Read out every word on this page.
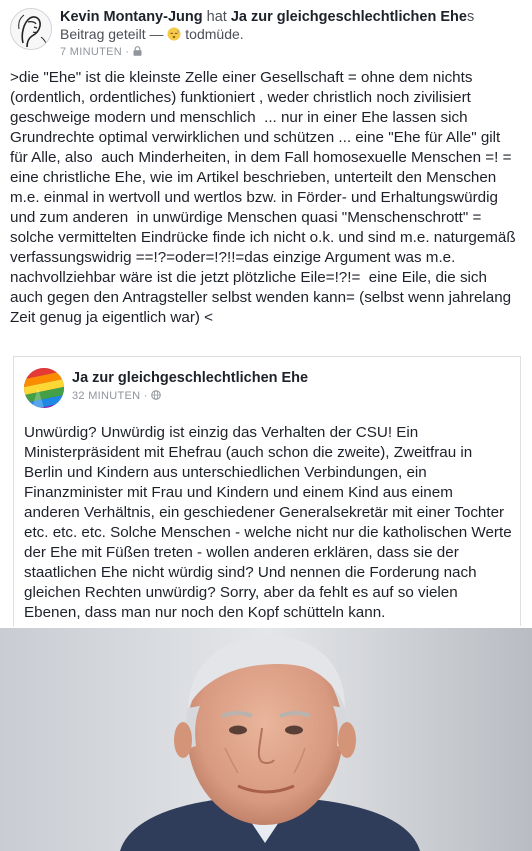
Kevin Montany-Jung hat Ja zur gleichgeschlechtlichen Ehes
Beitrag geteilt — todmüde.
7 MINUTEN ·

>die "Ehe" ist die kleinste Zelle einer Gesellschaft = ohne dem nichts (ordentlich, ordentliches) funktioniert , weder christlich noch zivilisiert geschweige modern und menschlich  ... nur in einer Ehe lassen sich Grundrechte optimal verwirklichen und schützen ... eine "Ehe für Alle" gilt für Alle, also  auch Minderheiten, in dem Fall homosexuelle Menschen =! =  eine christliche Ehe, wie im Artikel beschrieben, unterteilt den Menschen m.e. einmal in wertvoll und wertlos bzw. in Förder- und Erhaltungswürdig und zum anderen  in unwürdige Menschen quasi "Menschenschrott" = solche vermittelten Eindrücke finde ich nicht o.k. und sind m.e. naturgemäß verfassungswidrig ==!?=oder=!?!!=das einzige Argument was m.e.  nachvollziehbar wäre ist die jetzt plötzliche Eile=!?!=  eine Eile, die sich auch gegen den Antragsteller selbst wenden kann= (selbst wenn jahrelang Zeit genug ja eigentlich war) <

Ja zur gleichgeschlechtlichen Ehe
32 MINUTEN ·

Unwürdig? Unwürdig ist einzig das Verhalten der CSU! Ein Ministerpräsident mit Ehefrau (auch schon die zweite), Zweitfrau in Berlin und Kindern aus unterschiedlichen Verbindungen, ein Finanzminister mit Frau und Kindern und einem Kind aus einem anderen Verhältnis, ein geschiedener Generalsekretär mit einer Tochter etc. etc. etc. Solche Menschen - welche nicht nur die katholischen Werte der Ehe mit Füßen treten - wollen anderen erklären, dass sie der staatlichen Ehe nicht würdig sind? Und nennen die Forderung nach gleichen Rechten unwürdig? Sorry, aber da fehlt es auf so vielen Ebenen, dass man nur noch den Kopf schütteln kann.
